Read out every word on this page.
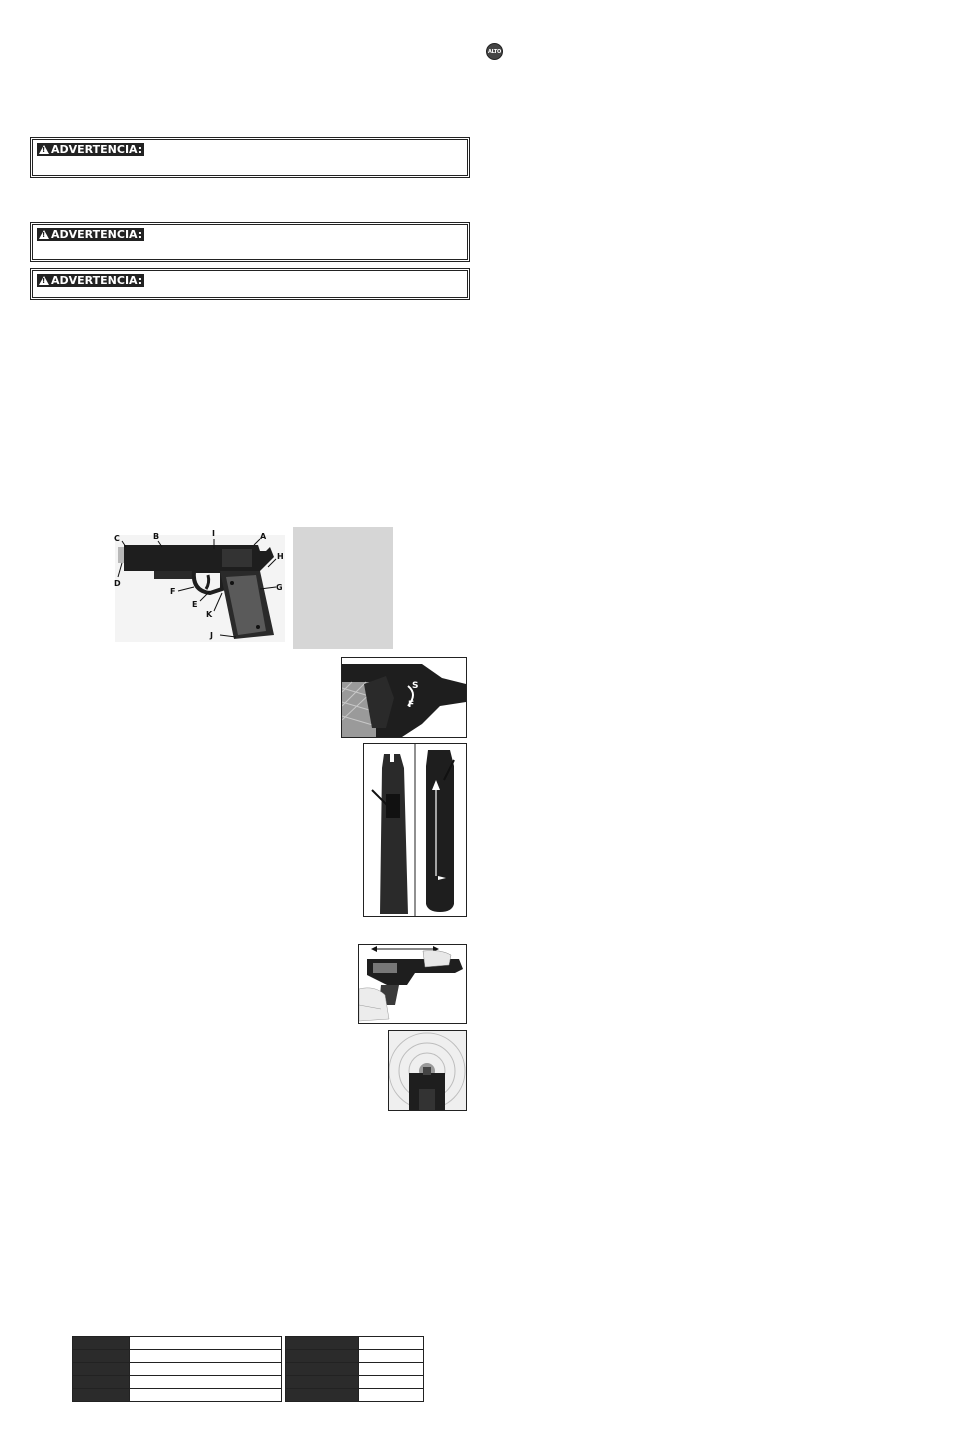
ALTO
!
ADVERTENCIA:
!
ADVERTENCIA:
!
ADVERTENCIA:
A
B
C
D
E
F	G
H
I
J
K
S
F
